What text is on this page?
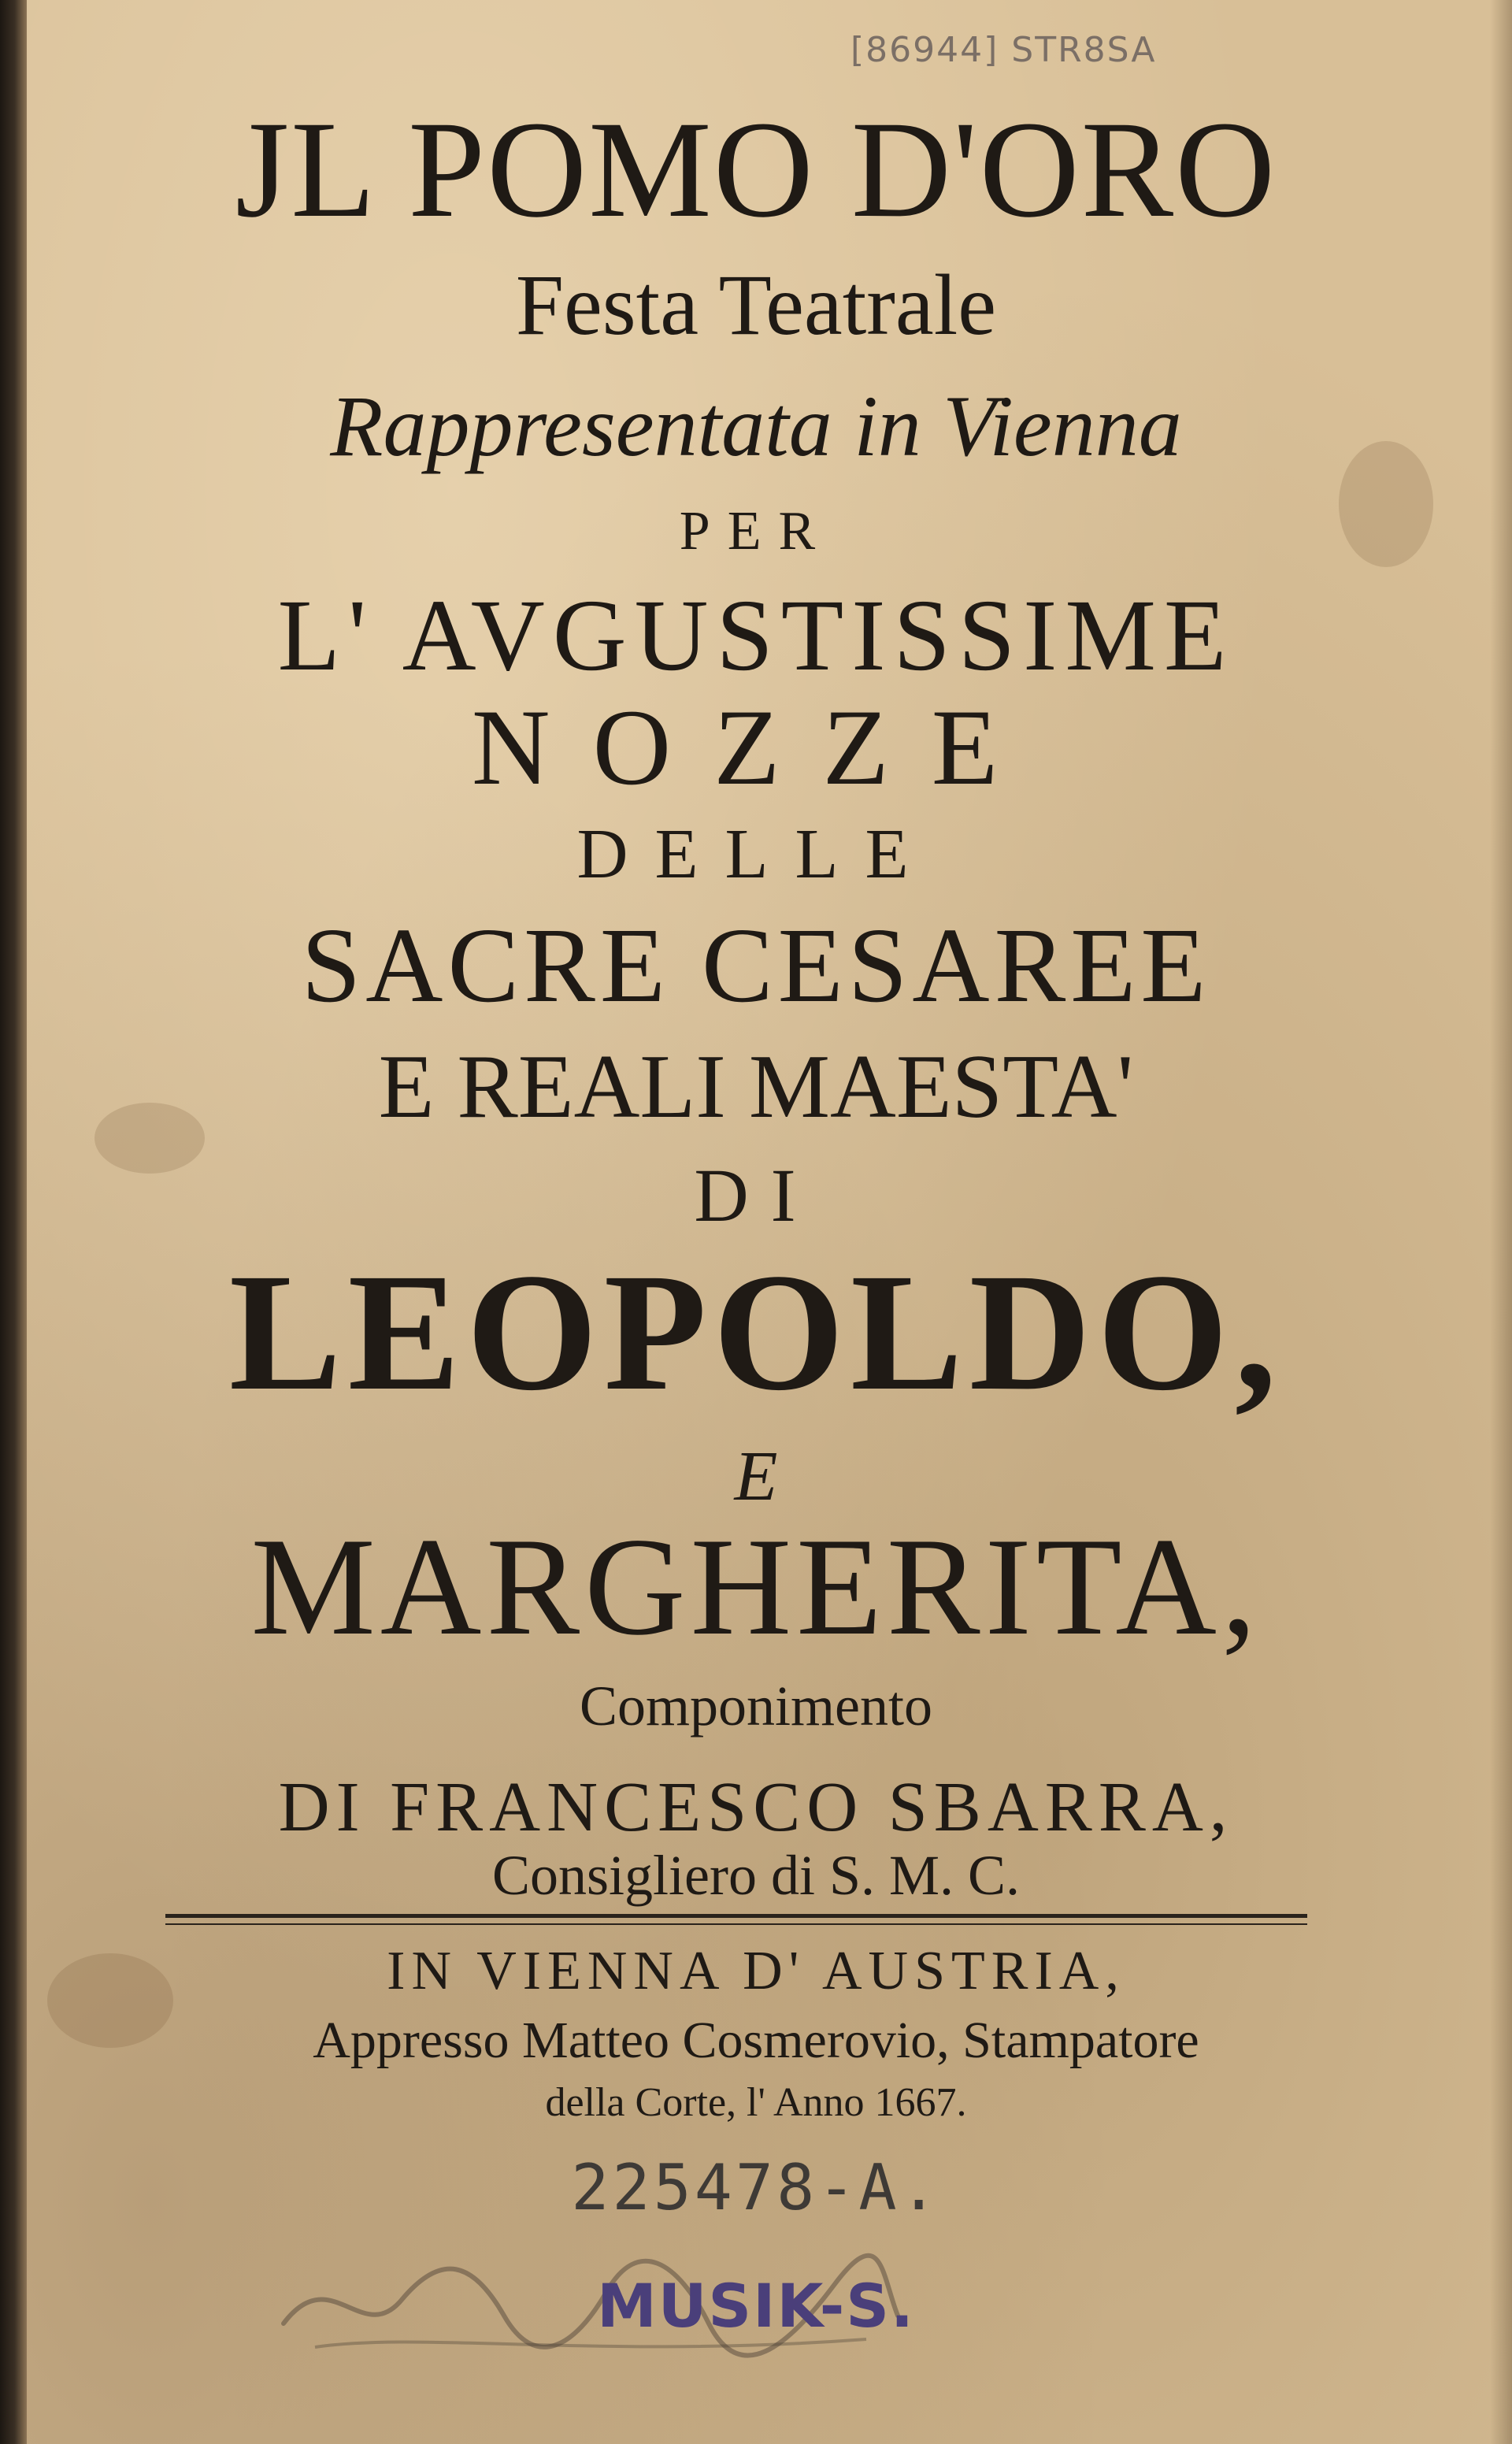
[86944] STR8SA
JL POMO D'ORO
Festa Teatrale
Rappresentata in Vienna
PER
L' AVGUSTISSIME
NOZZE
DELLE
SACRE CESAREE
E REALI MAESTA'
DI
LEOPOLDO,
E
MARGHERITA,
Componimento
DI FRANCESCO SBARRA,
Consigliero di S. M. C.
IN VIENNA D' AUSTRIA,
Appresso Matteo Cosmerovio, Stampatore
della Corte, l' Anno 1667.
225478-A.
MUSIK-S.
